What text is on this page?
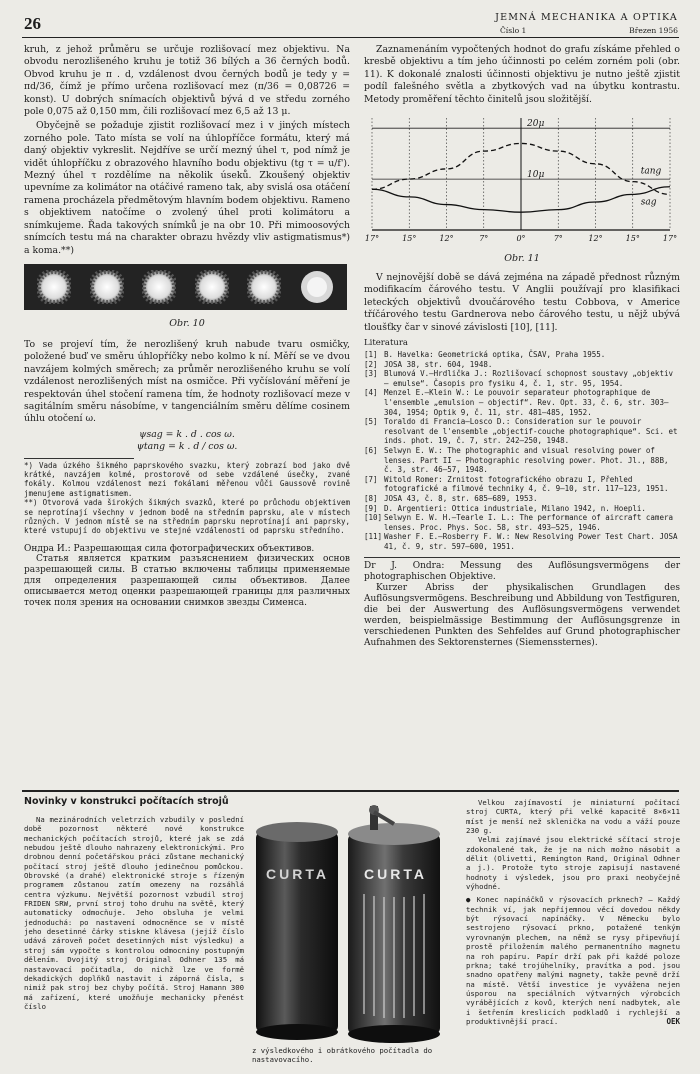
26	JEMNÁ MECHANIKA A OPTIKA
Číslo 1	Březen 1956

kruh, z jehož průměru se určuje rozlišovací mez objektivu. Na obvodu nerozlišeného kruhu je totiž 36 bílých a 36 černých bodů. Obvod kruhu je π . d, vzdálenost dvou černých bodů je tedy y = πd/36, čímž je přímo určena rozlišovací mez (π/36 = 0,08726 = konst). U dobrých snímacích objektivů bývá d ve středu zorného pole 0,075 až 0,150 mm, čili rozlišovací mez 6,5 až 13 μ.

Obyčejně se požaduje zjistit rozlišovací mez i v jiných místech zorného pole. Tato místa se volí na úhlopříčce formátu, který má daný objektiv vykreslit. Nejdříve se určí mezný úhel τ, pod nímž je vidět úhlopříčku z obrazového hlavního bodu objektivu (tg τ = u/f'). Mezný úhel τ rozdělíme na několik úseků. Zkoušený objektiv upevníme za kolimátor na otáčivé rameno tak, aby svislá osa otáčení ramena procházela předmětovým hlavním bodem objektivu. Rameno s objektivem natočíme o zvolený úhel proti kolimátoru a snímkujeme. Řada takových snímků je na obr 10. Při mimoosových snímcích testu má na charakter obrazu hvězdy vliv astigmatismus*) a koma.**)

Obr. 10

To se projeví tím, že nerozlišený kruh nabude tvaru osmičky, položené buď ve směru úhlopříčky nebo kolmo k ní. Měří se ve dvou navzájem kolmých směrech; za průměr nerozlišeného kruhu se volí vzdálenost nerozlišených míst na osmičce. Při vyčíslování měření je respektován úhel stočení ramena tím, že hodnoty rozlišovací meze v sagitálním směru násobíme, v tangenciálním směru dělíme cosinem úhlu otočení ω.

ψsag = k . d . cos ω.
ψtang = k . d / cos ω.

*) Vada úzkého šikmého paprskového svazku, který zobrazí bod jako dvě krátké, navzájem kolmé, prostorově od sebe vzdálené úsečky, zvané fokály. Kolmou vzdálenost mezi fokálami měřenou vůči Gaussově rovině jmenujeme astigmatismem.

**) Otvorová vada širokých šikmých svazků, které po průchodu objektivem se neprotínají všechny v jednom bodě na středním paprsku, ale v místech různých. V jednom místě se na středním paprsku neprotínají ani paprsky, které vstupují do objektivu ve stejné vzdálenosti od paprsku středního.

Ондра И.: Разрешающая сила фотографических объективов.

Статья является кратким разъяснением физических основ разрешающей силы. В статью включены таблицы применяемые для определения разрешающей силы объективов. Далее описывается метод оценки разрешающей границы для различных точек поля зрения на основании снимков звезды Сименса.

Zaznamenáním vypočtených hodnot do grafu získáme přehled o kresbě objektivu a tím jeho účinnosti po celém zorném poli (obr. 11). K dokonalé znalosti účinnosti objektivu je nutno ještě zjistit podíl falešného světla a zbytkových vad na úbytku kontrastu. Metody proměření těchto činitelů jsou složitější.

20μ
10μ	tang
sag
17°	15°	12°	7°	0°	7°	12°	15°	17°
Obr. 11

V nejnovější době se dává zejména na západě přednost různým modifikacím čárového testu. V Anglii používají pro klasifikaci leteckých objektivů dvoučárového testu Cobbova, v Americe tříčárového testu Gardnerova nebo čárového testu, u nějž ubývá tloušťky čar v sinové závislosti [10], [11].

Literatura
[1] B. Havelka: Geometrická optika, ČSAV, Praha 1955.
[2] JOSA 38, str. 604, 1948.
[3] Blumová V.—Hrdlička J.: Rozlišovací schopnost soustavy „objektiv — emulse“. Časopis pro fysiku 4, č. 1, str. 95, 1954.
[4] Menzel E.—Klein W.: Le pouvoir separateur photographique de l'ensemble „emulsion — objectif“. Rev. Opt. 33, č. 6, str. 303—304, 1954; Optik 9, č. 11, str. 481—485, 1952.
[5] Toraldo di Francia—Losco D.: Consideration sur le pouvoir resolvant de l'ensemble „objectif-couche photographique“. Sci. et inds. phot. 19, č. 7, str. 242—250, 1948.
[6] Selwyn E. W.: The photographic and visual resolving power of lenses. Part II — Photographic resolving power. Phot. Jl., 88B, č. 3, str. 46—57, 1948.
[7] Witold Romer: Zrnitost fotografického obrazu I, Přehled fotografické a filmové techniky 4, č. 9—10, str. 117—123, 1951.
[8] JOSA 43, č. 8, str. 685—689, 1953.
[9] D. Argentieri: Ottica industriale, Milano 1942, n. Hoepli.
[10] Selwyn E. W. H.—Tearle I. L.: The performance of aircraft camera lenses. Proc. Phys. Soc. 58, str. 493—525, 1946.
[11] Washer F. E.—Rosberry F. W.: New Resolving Power Test Chart. JOSA 41, č. 9, str. 597—600, 1951.

Dr J. Ondra: Messung des Auflösungsvermögens der photographischen Objektive.

Kurzer Abriss der physikalischen Grundlagen des Auflösungsvermögens. Beschreibung und Abbildung von Testfiguren, die bei der Auswertung des Auflösungsvermögens verwendet werden, beispielmässige Bestimmung der Auflösungsgrenze in verschiedenen Punkten des Sehfeldes auf Grund photographischer Aufnahmen des Sektorensternes (Siemenssternes).

Novinky v konstrukci počítacích strojů

Na mezinárodních veletrzích vzbudily v poslední době pozornost některé nové konstrukce mechanických počítacích strojů, které jak se zdá nebudou ještě dlouho nahrazeny elektronickými. Pro drobnou denní početářskou práci zůstane mechanický počítací stroj ještě dlouho jedinečnou pomůckou. Obrovské (a drahé) elektronické stroje s řízeným programem zůstanou zatím omezeny na rozsáhlá centra výzkumu. Největší pozornost vzbudil stroj FRIDEN SRW, první stroj toho druhu na světě, který automaticky odmocňuje. Jeho obsluha je velmi jednoduchá: po nastavení odmocněnce se v místě jeho desetinné čárky stiskne klávesa (jejíž číslo udává zároveň počet desetinných míst výsledku) a stroj sám vypočte s kontrolou odmocniny postupným dělením. Dvojitý stroj Original Odhner 135 má nastavovací počitadla, do nichž lze ve formě dekadických doplňků nastavit i záporná čísla, s nimiž pak stroj bez chyby počítá. Stroj Hamann 300 má zařízení, které umožňuje mechanicky přenést číslo

CURTA	CURTA
z výsledkového i obrátkového počítadla do nastavovacího.

Velkou zajímavostí je miniaturní počítací stroj CURTA, který při velké kapacitě 8×6×11 míst je menší než sklenička na vodu a váží pouze 230 g.

Velmi zajímavé jsou elektrické sčítací stroje zdokonalené tak, že je na nich možno násobit a dělit (Olivetti, Remington Rand, Original Odhner a j.). Protože tyto stroje zapisují nastavené hodnoty i výsledek, jsou pro praxi neobyčejně výhodné.

● Konec napínáčků v rýsovacích prknech? — Každý technik ví, jak nepříjemnou věcí dovedou někdy být rýsovací napínáčky. V Německu bylo sestrojeno rýsovací prkno, potažené tenkým vyrovnaným plechem, na němž se rysy připevňují prostě přiložením malého permanentního magnetu na roh papíru. Papír drží pak při každé poloze prkna; také trojúhelníky, pravítka a pod. jsou snadno opatřeny malými magnety, takže pevně drží na místě. Větší investice je vyvážena nejen úsporou na speciálních výtvarných výrobcích vyrábějících z kovů, kterých není nadbytek, ale i šetřením kreslicích podkladů i rychlejší a produktivnější prací.	OEK
